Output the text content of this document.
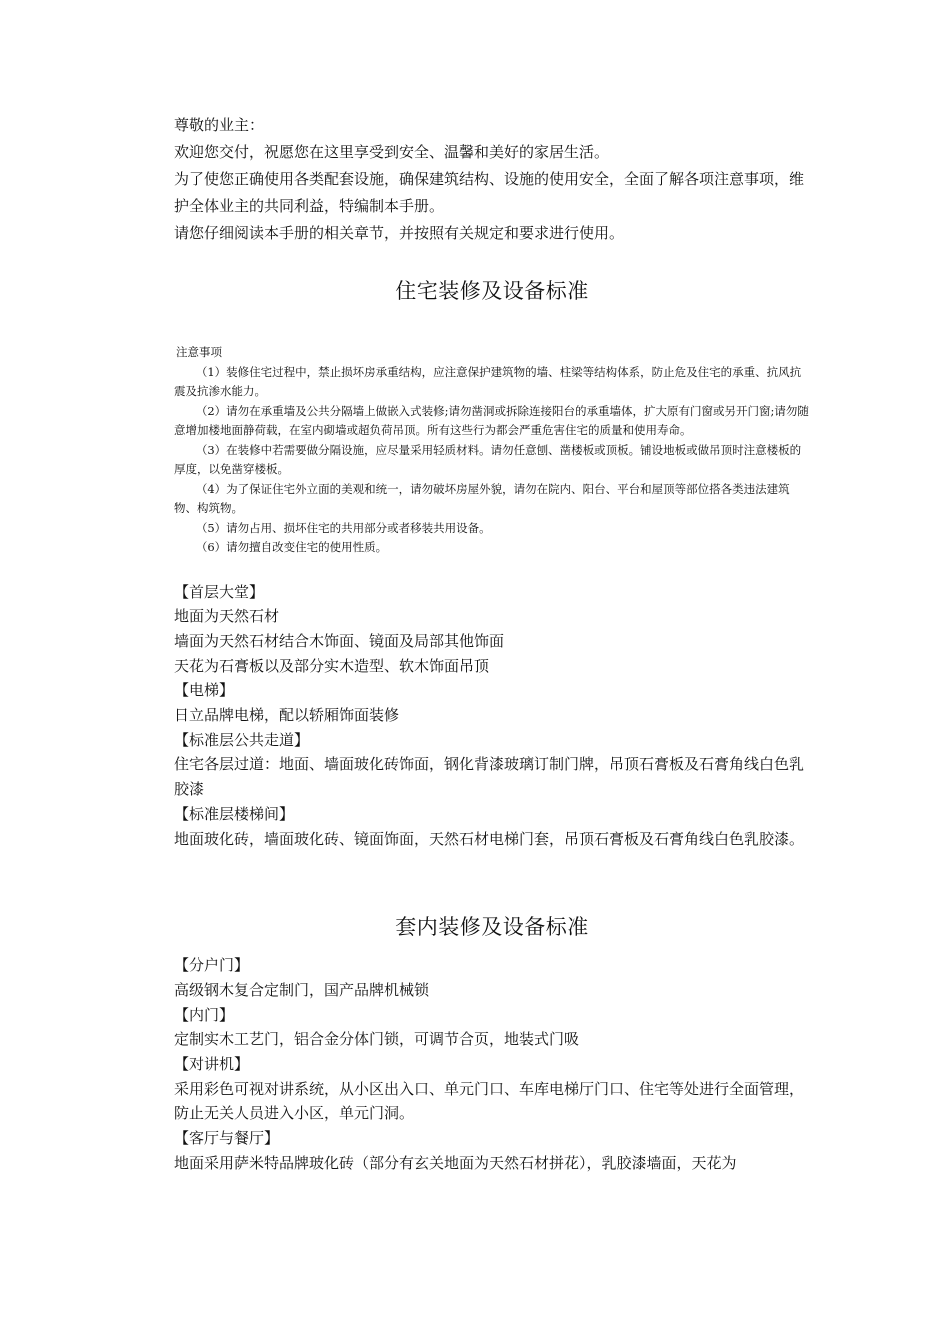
尊敬的业主：

欢迎您交付，祝愿您在这里享受到安全、温馨和美好的家居生活。

为了使您正确使用各类配套设施，确保建筑结构、设施的使用安全，全面了解各项注意事项，维护全体业主的共同利益，特编制本手册。

请您仔细阅读本手册的相关章节，并按照有关规定和要求进行使用。

住宅装修及设备标准

注意事项

（1）装修住宅过程中，禁止损坏房承重结构，应注意保护建筑物的墙、柱梁等结构体系，防止危及住宅的承重、抗风抗震及抗渗水能力。

（2）请勿在承重墙及公共分隔墙上做嵌入式装修;请勿凿洞或拆除连接阳台的承重墙体，扩大原有门窗或另开门窗;请勿随意增加楼地面静荷载，在室内砌墙或超负荷吊顶。所有这些行为都会严重危害住宅的质量和使用寿命。

（3）在装修中若需要做分隔设施，应尽量采用轻质材料。请勿任意刨、凿楼板或顶板。铺设地板或做吊顶时注意楼板的厚度，以免凿穿楼板。

（4）为了保证住宅外立面的美观和统一，请勿破坏房屋外貌，请勿在院内、阳台、平台和屋顶等部位搭各类违法建筑物、构筑物。

（5）请勿占用、损坏住宅的共用部分或者移装共用设备。

（6）请勿擅自改变住宅的使用性质。

【首层大堂】

地面为天然石材

墙面为天然石材结合木饰面、镜面及局部其他饰面

天花为石膏板以及部分实木造型、软木饰面吊顶

【电梯】

日立品牌电梯，配以轿厢饰面装修

【标准层公共走道】

住宅各层过道：地面、墙面玻化砖饰面，钢化背漆玻璃订制门牌，吊顶石膏板及石膏角线白色乳胶漆

【标准层楼梯间】

地面玻化砖，墙面玻化砖、镜面饰面，天然石材电梯门套，吊顶石膏板及石膏角线白色乳胶漆。

套内装修及设备标准

【分户门】

高级钢木复合定制门，国产品牌机械锁

【内门】

定制实木工艺门，铝合金分体门锁，可调节合页，地装式门吸

【对讲机】

采用彩色可视对讲系统，从小区出入口、单元门口、车库电梯厅门口、住宅等处进行全面管理，防止无关人员进入小区，单元门洞。

【客厅与餐厅】

地面采用萨米特品牌玻化砖（部分有玄关地面为天然石材拼花），乳胶漆墙面，天花为
